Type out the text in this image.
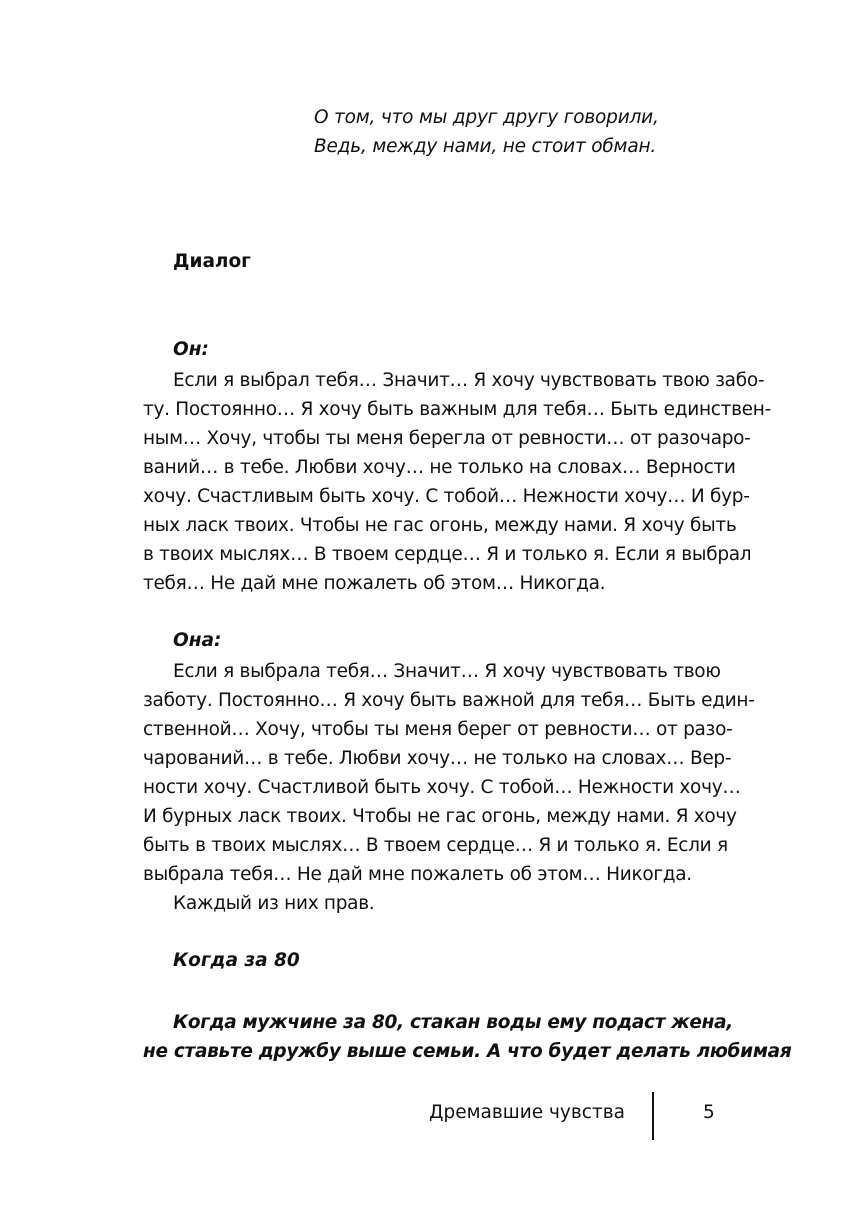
О том, что мы друг другу говорили,
Ведь, между нами, не стоит обман.
Диалог
Он:
Если я выбрал тебя… Значит… Я хочу чувствовать твою забо-
ту. Постоянно… Я хочу быть важным для тебя… Быть единствен-
ным… Хочу, чтобы ты меня берегла от ревности… от разочаро-
ваний… в тебе. Любви хочу… не только на словах… Верности
хочу. Счастливым быть хочу. С тобой… Нежности хочу… И бур-
ных ласк твоих. Чтобы не гас огонь, между нами. Я хочу быть
в твоих мыслях… В твоем сердце… Я и только я. Если я выбрал
тебя… Не дай мне пожалеть об этом… Никогда.
Она:
Если я выбрала тебя… Значит… Я хочу чувствовать твою
заботу. Постоянно… Я хочу быть важной для тебя… Быть един-
ственной… Хочу, чтобы ты меня берег от ревности… от разо-
чарований… в тебе. Любви хочу… не только на словах… Вер-
ности хочу. Счастливой быть хочу. С тобой… Нежности хочу…
И бурных ласк твоих. Чтобы не гас огонь, между нами. Я хочу
быть в твоих мыслях… В твоем сердце… Я и только я. Если я
выбрала тебя… Не дай мне пожалеть об этом… Никогда.
Каждый из них прав.
Когда за 80
Когда мужчине за 80, стакан воды ему подаст жена,
не ставьте дружбу выше семьи. А что будет делать любимая
Дремавшие чувства	5
